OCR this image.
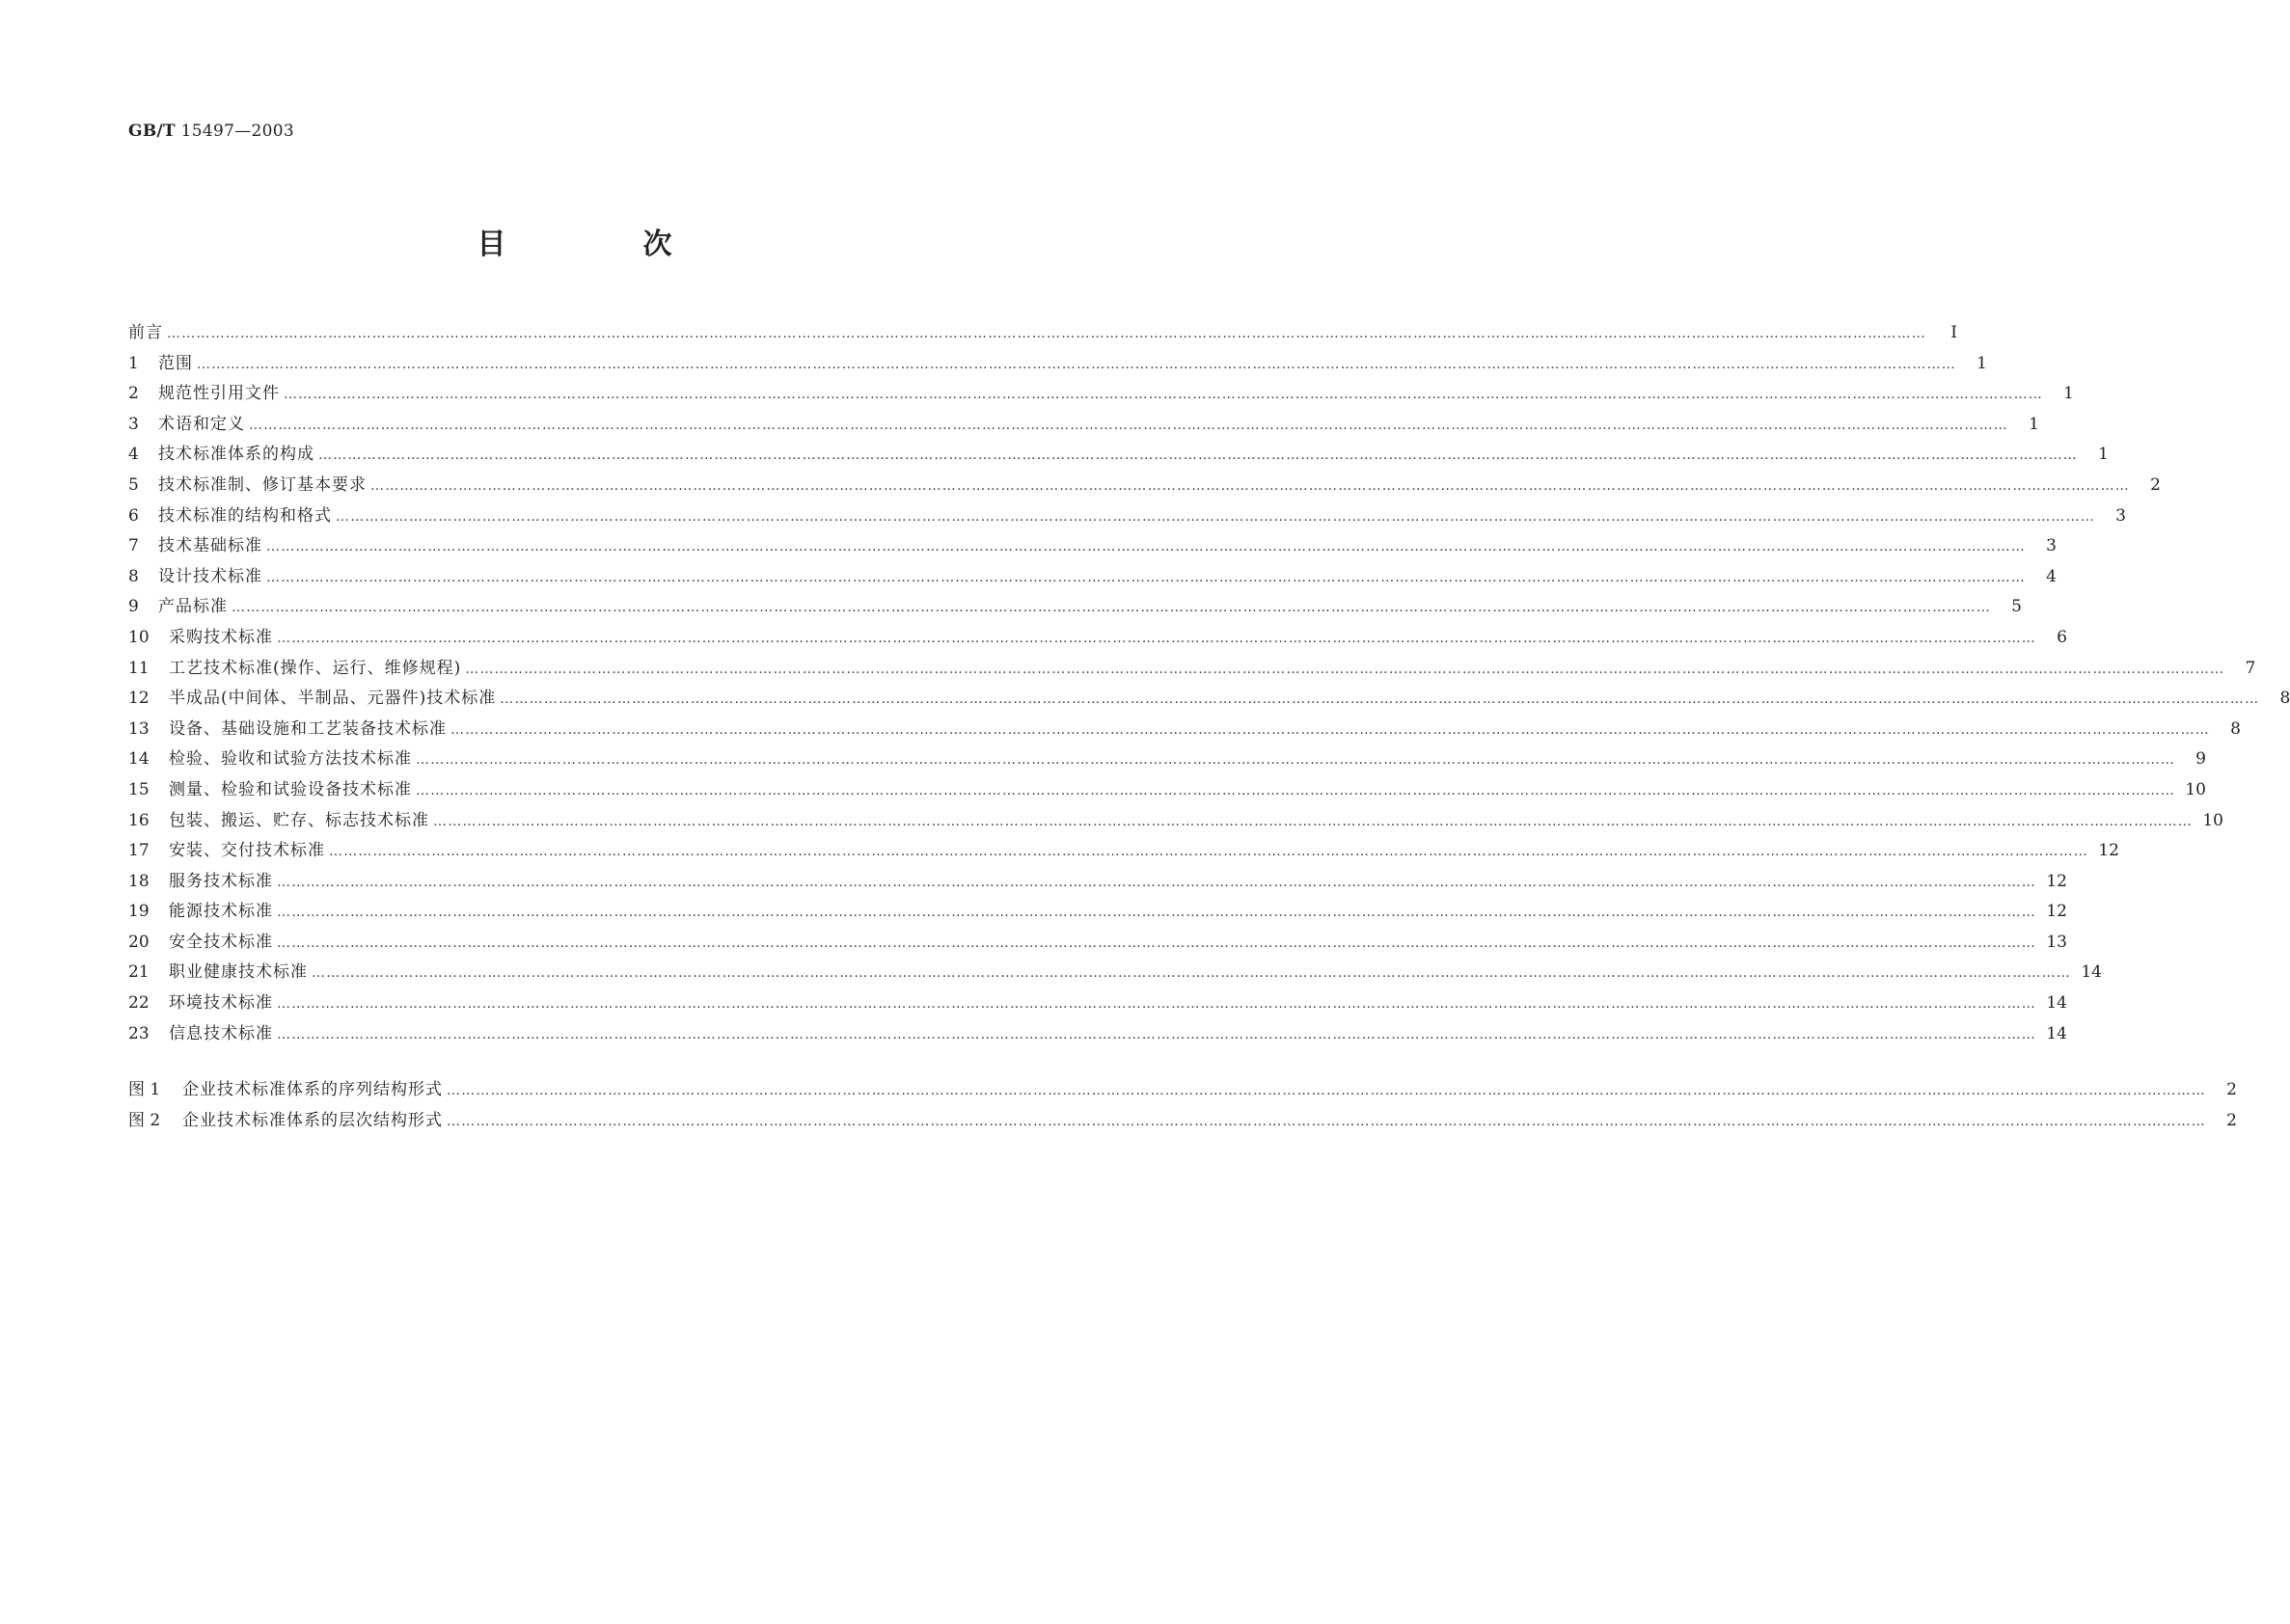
GB/T 15497—2003
目　次
前言 ………………………………………………………………………………………………………………………………………………………………………………………………………………………………………………………………………………………………………………………………	Ⅰ
1	范围 ………………………………………………………………………………………………………………………………………………………………………………………………………………………………………………………………………………………………………………………………	1
2	规范性引用文件 ………………………………………………………………………………………………………………………………………………………………………………………………………………………………………………………………………………………………………………………………	1
3	术语和定义 ………………………………………………………………………………………………………………………………………………………………………………………………………………………………………………………………………………………………………………………………	1
4	技术标准体系的构成 ………………………………………………………………………………………………………………………………………………………………………………………………………………………………………………………………………………………………………………………………	1
5	技术标准制、修订基本要求 ………………………………………………………………………………………………………………………………………………………………………………………………………………………………………………………………………………………………………………………………	2
6	技术标准的结构和格式 ………………………………………………………………………………………………………………………………………………………………………………………………………………………………………………………………………………………………………………………………	3
7	技术基础标准 ………………………………………………………………………………………………………………………………………………………………………………………………………………………………………………………………………………………………………………………………	3
8	设计技术标准 ………………………………………………………………………………………………………………………………………………………………………………………………………………………………………………………………………………………………………………………………	4
9	产品标准 ………………………………………………………………………………………………………………………………………………………………………………………………………………………………………………………………………………………………………………………………	5
10	采购技术标准 ………………………………………………………………………………………………………………………………………………………………………………………………………………………………………………………………………………………………………………………………	6
11	工艺技术标准(操作、运行、维修规程) ………………………………………………………………………………………………………………………………………………………………………………………………………………………………………………………………………………………………………………………………	7
12	半成品(中间体、半制品、元器件)技术标准 ………………………………………………………………………………………………………………………………………………………………………………………………………………………………………………………………………………………………………………………………	8
13	设备、基础设施和工艺装备技术标准 ………………………………………………………………………………………………………………………………………………………………………………………………………………………………………………………………………………………………………………………………	8
14	检验、验收和试验方法技术标准 ………………………………………………………………………………………………………………………………………………………………………………………………………………………………………………………………………………………………………………………………	9
15	测量、检验和试验设备技术标准 ……………………………………………………………………………………………………………………………………………………………………………………………………………………………………………………………………………………………………………………………… 10
16	包装、搬运、贮存、标志技术标准 ……………………………………………………………………………………………………………………………………………………………………………………………………………………………………………………………………………………………………………………………… 10
17	安装、交付技术标准 ……………………………………………………………………………………………………………………………………………………………………………………………………………………………………………………………………………………………………………………………… 12
18	服务技术标准 ……………………………………………………………………………………………………………………………………………………………………………………………………………………………………………………………………………………………………………………………… 12
19	能源技术标准 ……………………………………………………………………………………………………………………………………………………………………………………………………………………………………………………………………………………………………………………………… 12
20	安全技术标准 ……………………………………………………………………………………………………………………………………………………………………………………………………………………………………………………………………………………………………………………………… 13
21	职业健康技术标准 ……………………………………………………………………………………………………………………………………………………………………………………………………………………………………………………………………………………………………………………………… 14
22	环境技术标准 ……………………………………………………………………………………………………………………………………………………………………………………………………………………………………………………………………………………………………………………………… 14
23	信息技术标准 ……………………………………………………………………………………………………………………………………………………………………………………………………………………………………………………………………………………………………………………………… 14
图 1	企业技术标准体系的序列结构形式 ………………………………………………………………………………………………………………………………………………………………………………………………………………………………………………………………………………………………………………………………	2
图 2	企业技术标准体系的层次结构形式 ………………………………………………………………………………………………………………………………………………………………………………………………………………………………………………………………………………………………………………………………	2
